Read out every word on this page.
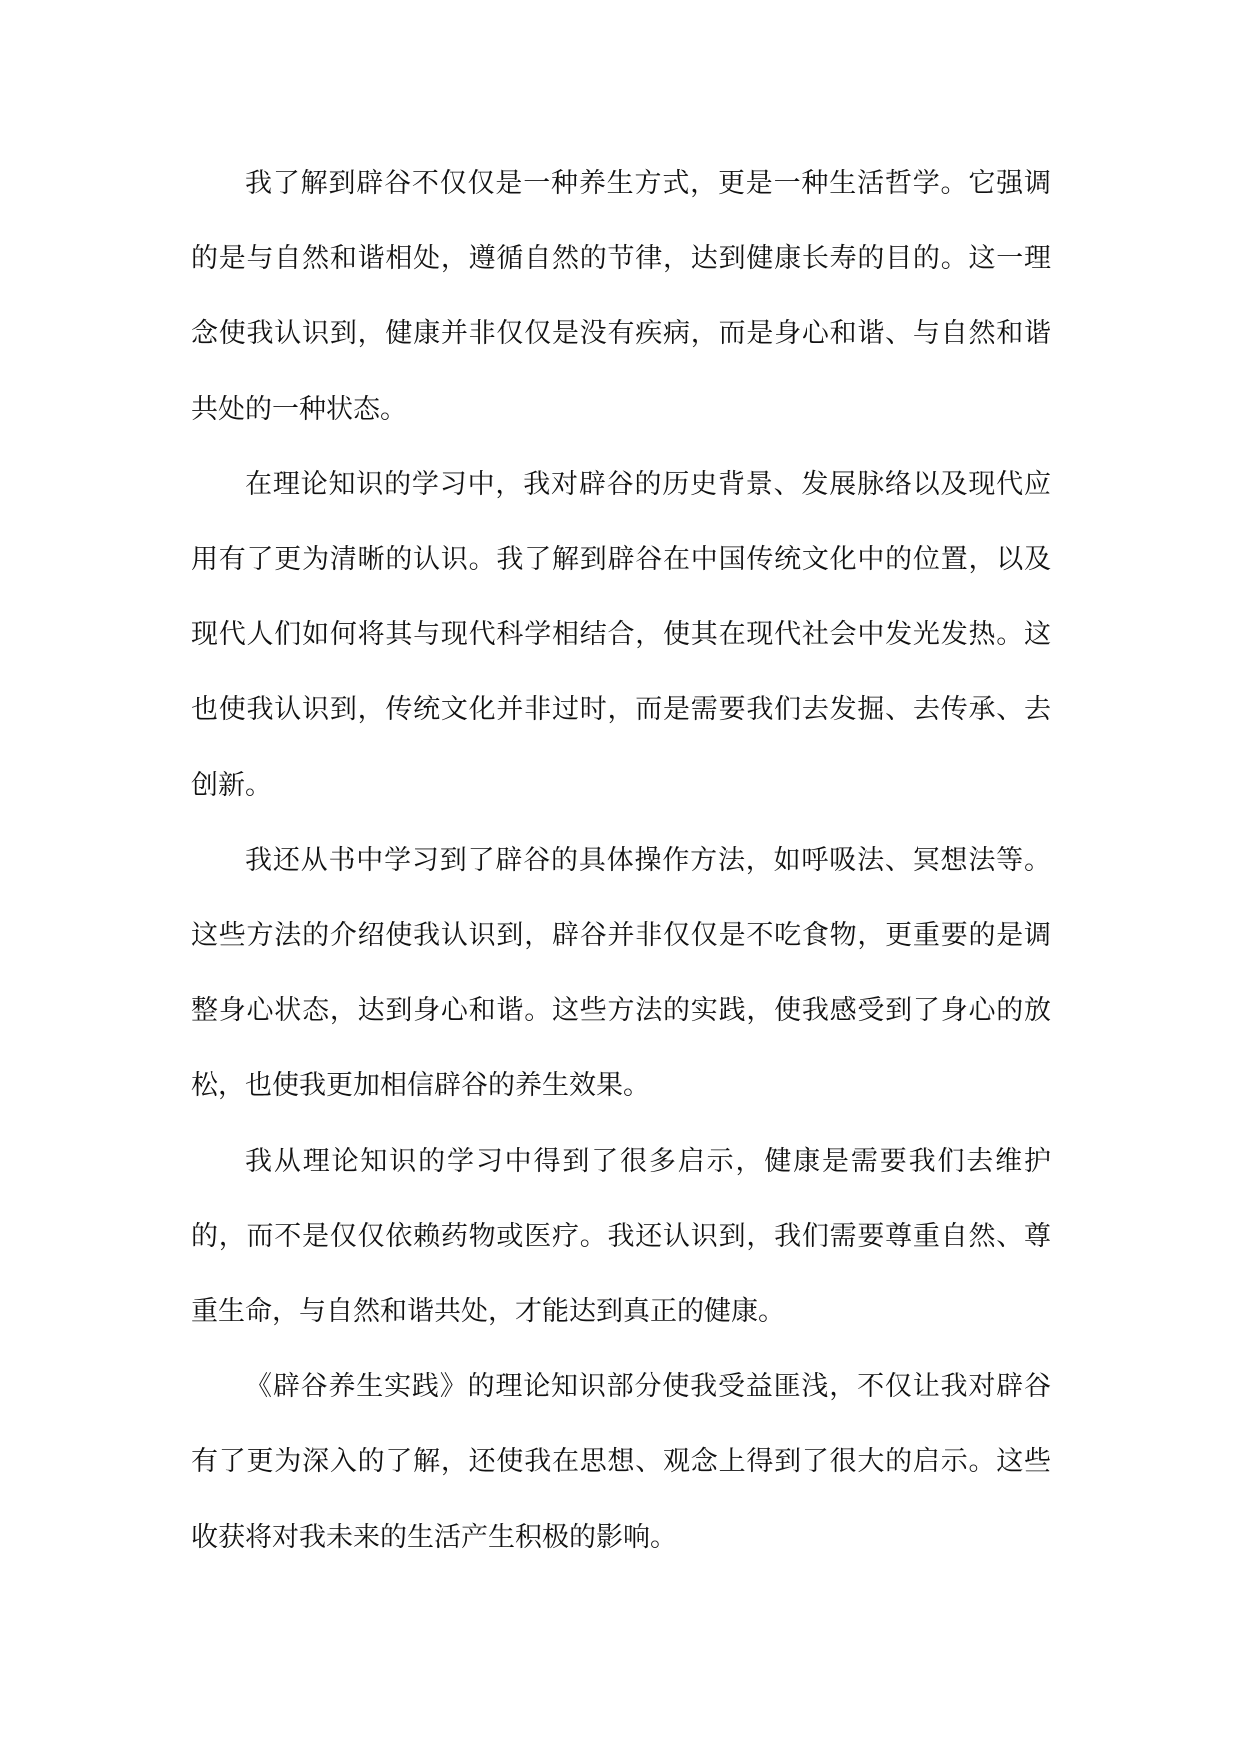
我了解到辟谷不仅仅是一种养生方式，更是一种生活哲学。它强调的是与自然和谐相处，遵循自然的节律，达到健康长寿的目的。这一理念使我认识到，健康并非仅仅是没有疾病，而是身心和谐、与自然和谐共处的一种状态。

在理论知识的学习中，我对辟谷的历史背景、发展脉络以及现代应用有了更为清晰的认识。我了解到辟谷在中国传统文化中的位置，以及现代人们如何将其与现代科学相结合，使其在现代社会中发光发热。这也使我认识到，传统文化并非过时，而是需要我们去发掘、去传承、去创新。

我还从书中学习到了辟谷的具体操作方法，如呼吸法、冥想法等。这些方法的介绍使我认识到，辟谷并非仅仅是不吃食物，更重要的是调整身心状态，达到身心和谐。这些方法的实践，使我感受到了身心的放松，也使我更加相信辟谷的养生效果。

我从理论知识的学习中得到了很多启示，健康是需要我们去维护的，而不是仅仅依赖药物或医疗。我还认识到，我们需要尊重自然、尊重生命，与自然和谐共处，才能达到真正的健康。

《辟谷养生实践》的理论知识部分使我受益匪浅，不仅让我对辟谷有了更为深入的了解，还使我在思想、观念上得到了很大的启示。这些收获将对我未来的生活产生积极的影响。
